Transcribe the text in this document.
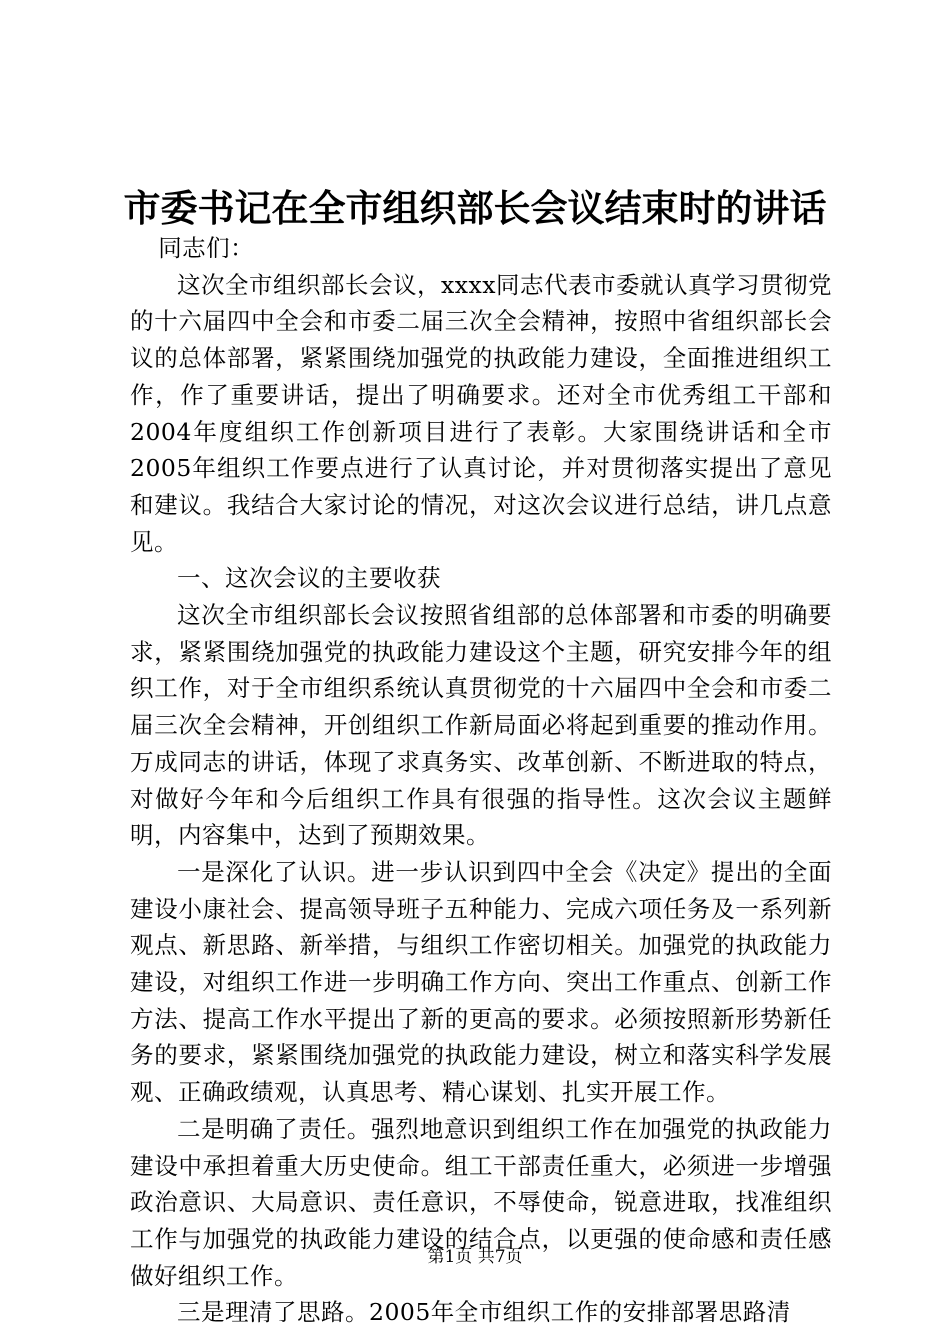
市委书记在全市组织部长会议结束时的讲话

同志们：

这次全市组织部长会议，xxxx同志代表市委就认真学习贯彻党的十六届四中全会和市委二届三次全会精神，按照中省组织部长会议的总体部署，紧紧围绕加强党的执政能力建设，全面推进组织工作，作了重要讲话，提出了明确要求。还对全市优秀组工干部和2004年度组织工作创新项目进行了表彰。大家围绕讲话和全市2005年组织工作要点进行了认真讨论，并对贯彻落实提出了意见和建议。我结合大家讨论的情况，对这次会议进行总结，讲几点意见。

一、这次会议的主要收获

这次全市组织部长会议按照省组部的总体部署和市委的明确要求，紧紧围绕加强党的执政能力建设这个主题，研究安排今年的组织工作，对于全市组织系统认真贯彻党的十六届四中全会和市委二届三次全会精神，开创组织工作新局面必将起到重要的推动作用。万成同志的讲话，体现了求真务实、改革创新、不断进取的特点，对做好今年和今后组织工作具有很强的指导性。这次会议主题鲜明，内容集中，达到了预期效果。

一是深化了认识。进一步认识到四中全会《决定》提出的全面建设小康社会、提高领导班子五种能力、完成六项任务及一系列新观点、新思路、新举措，与组织工作密切相关。加强党的执政能力建设，对组织工作进一步明确工作方向、突出工作重点、创新工作方法、提高工作水平提出了新的更高的要求。必须按照新形势新任务的要求，紧紧围绕加强党的执政能力建设，树立和落实科学发展观、正确政绩观，认真思考、精心谋划、扎实开展工作。

二是明确了责任。强烈地意识到组织工作在加强党的执政能力建设中承担着重大历史使命。组工干部责任重大，必须进一步增强政治意识、大局意识、责任意识，不辱使命，锐意进取，找准组织工作与加强党的执政能力建设的结合点，以更强的使命感和责任感做好组织工作。

三是理清了思路。2005年全市组织工作的安排部署思路清

第1页 共7页
